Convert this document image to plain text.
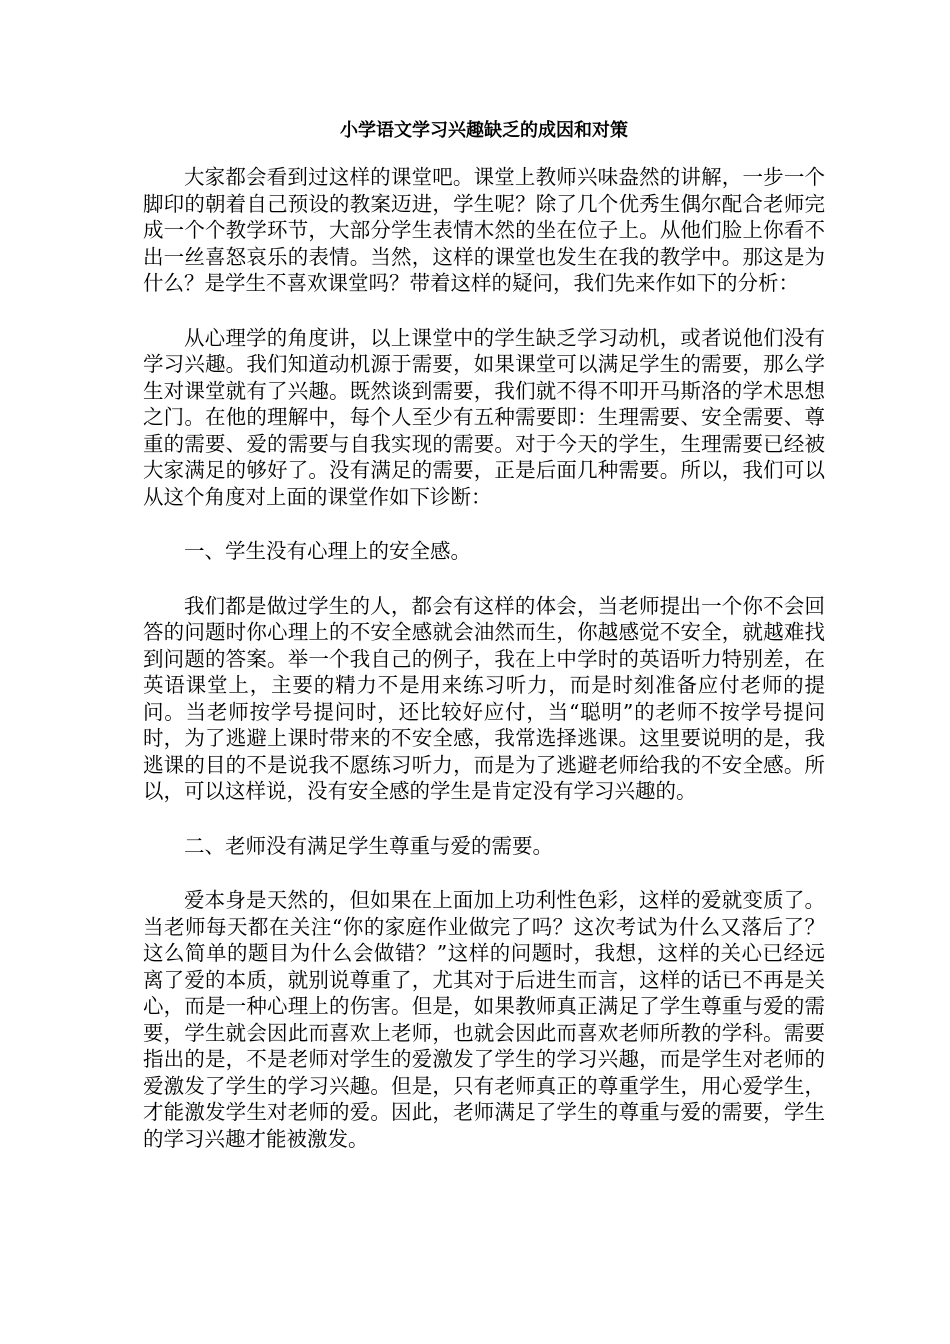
小学语文学习兴趣缺乏的成因和对策

大家都会看到过这样的课堂吧。课堂上教师兴味盎然的讲解，一步一个脚印的朝着自己预设的教案迈进，学生呢？除了几个优秀生偶尔配合老师完成一个个教学环节，大部分学生表情木然的坐在位子上。从他们脸上你看不出一丝喜怒哀乐的表情。当然，这样的课堂也发生在我的教学中。那这是为什么？是学生不喜欢课堂吗？带着这样的疑问，我们先来作如下的分析：

从心理学的角度讲，以上课堂中的学生缺乏学习动机，或者说他们没有学习兴趣。我们知道动机源于需要，如果课堂可以满足学生的需要，那么学生对课堂就有了兴趣。既然谈到需要，我们就不得不叩开马斯洛的学术思想之门。在他的理解中，每个人至少有五种需要即：生理需要、安全需要、尊重的需要、爱的需要与自我实现的需要。对于今天的学生，生理需要已经被大家满足的够好了。没有满足的需要，正是后面几种需要。所以，我们可以从这个角度对上面的课堂作如下诊断：

一、学生没有心理上的安全感。

我们都是做过学生的人，都会有这样的体会，当老师提出一个你不会回答的问题时你心理上的不安全感就会油然而生，你越感觉不安全，就越难找到问题的答案。举一个我自己的例子，我在上中学时的英语听力特别差，在英语课堂上，主要的精力不是用来练习听力，而是时刻准备应付老师的提问。当老师按学号提问时，还比较好应付，当“聪明”的老师不按学号提问时，为了逃避上课时带来的不安全感，我常选择逃课。这里要说明的是，我逃课的目的不是说我不愿练习听力，而是为了逃避老师给我的不安全感。所以，可以这样说，没有安全感的学生是肯定没有学习兴趣的。

二、老师没有满足学生尊重与爱的需要。

爱本身是天然的，但如果在上面加上功利性色彩，这样的爱就变质了。当老师每天都在关注“你的家庭作业做完了吗？这次考试为什么又落后了？这么简单的题目为什么会做错？”这样的问题时，我想，这样的关心已经远离了爱的本质，就别说尊重了，尤其对于后进生而言，这样的话已不再是关心，而是一种心理上的伤害。但是，如果教师真正满足了学生尊重与爱的需要，学生就会因此而喜欢上老师，也就会因此而喜欢老师所教的学科。需要指出的是，不是老师对学生的爱激发了学生的学习兴趣，而是学生对老师的爱激发了学生的学习兴趣。但是，只有老师真正的尊重学生，用心爱学生，才能激发学生对老师的爱。因此，老师满足了学生的尊重与爱的需要，学生的学习兴趣才能被激发。
